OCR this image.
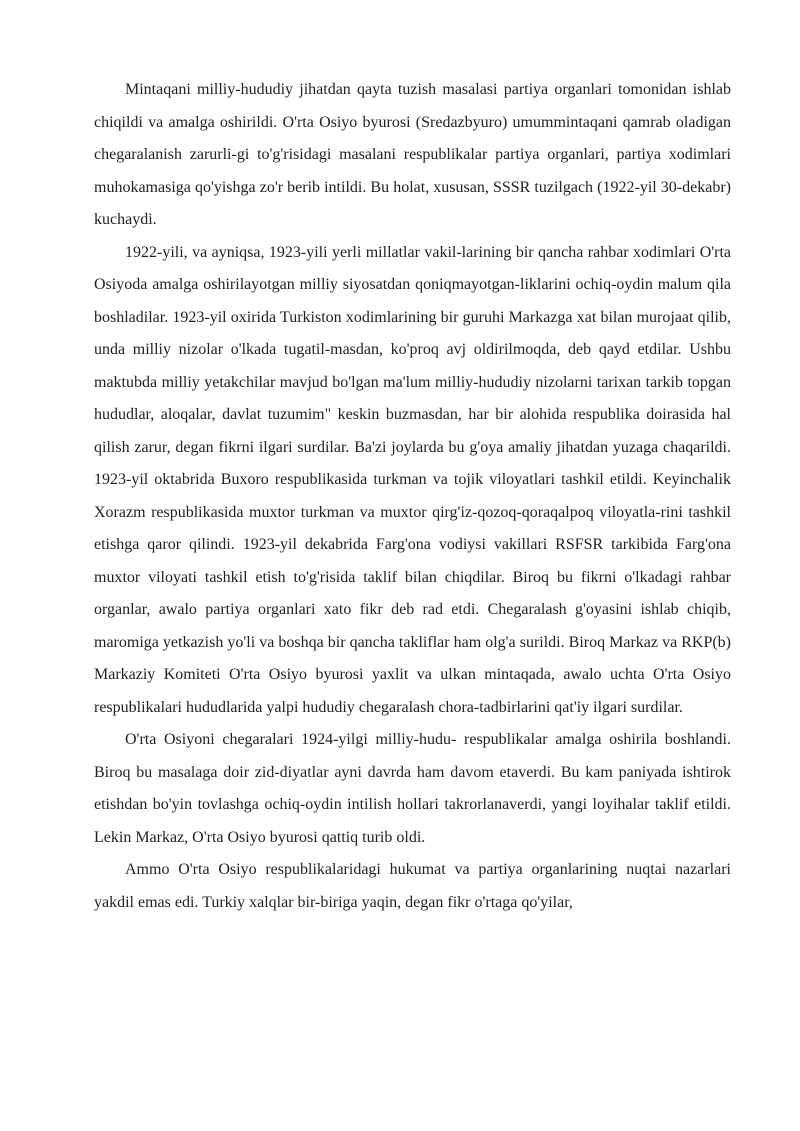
Mintaqani milliy-hududiy jihatdan qayta tuzish masalasi partiya organlari tomonidan ishlab chiqildi va amalga oshirildi. O'rta Osiyo byurosi (Sredazbyuro) umummintaqani qamrab oladigan chegaralanish zarurli-gi to'g'risidagi masalani respublikalar partiya organlari, partiya xodimlari muhokamasiga qo'yishga zo'r berib intildi. Bu holat, xususan, SSSR tuzilgach (1922-yil 30-dekabr) kuchaydi.

1922-yili, va ayniqsa, 1923-yili yerli millatlar vakil-larining bir qancha rahbar xodimlari O'rta Osiyoda amalga oshirilayotgan milliy siyosatdan qoniqmayotgan-liklarini ochiq-oydin malum qila boshladilar. 1923-yil oxirida Turkiston xodimlarining bir guruhi Markazga xat bilan murojaat qilib, unda milliy nizolar o'lkada tugatil-masdan, ko'proq avj oldirilmoqda, deb qayd etdilar. Ushbu maktubda milliy yetakchilar mavjud bo'lgan ma'lum milliy-hududiy nizolarni tarixan tarkib topgan hududlar, aloqalar, davlat tuzumim" keskin buzmasdan, har bir alohida respublika doirasida hal qilish zarur, degan fikrni ilgari surdilar. Ba'zi joylarda bu g'oya amaliy jihatdan yuzaga chaqarildi. 1923-yil oktabrida Buxoro respublikasida turkman va tojik viloyatlari tashkil etildi. Keyinchalik Xorazm respublikasida muxtor turkman va muxtor qirg'iz-qozoq-qoraqalpoq viloyatla-rini tashkil etishga qaror qilindi. 1923-yil dekabrida Farg'ona vodiysi vakillari RSFSR tarkibida Farg'ona muxtor viloyati tashkil etish to'g'risida taklif bilan chiqdilar. Biroq bu fikrni o'lkadagi rahbar organlar, awalo partiya organlari xato fikr deb rad etdi. Chegaralash g'oyasini ishlab chiqib, maromiga yetkazish yo'li va boshqa bir qancha takliflar ham olg'a surildi. Biroq Markaz va RKP(b) Markaziy Komiteti O'rta Osiyo byurosi yaxlit va ulkan mintaqada, awalo uchta O'rta Osiyo respublikalari hududlarida yalpi hududiy chegaralash chora-tadbirlarini qat'iy ilgari surdilar.

O'rta Osiyoni chegaralari 1924-yilgi milliy-hudu- respublikalar amalga oshirila boshlandi. Biroq bu masalaga doir zid-diyatlar ayni davrda ham davom etaverdi. Bu kam paniyada ishtirok etishdan bo'yin tovlashga ochiq-oydin intilish hollari takrorlanaverdi, yangi loyihalar taklif etildi. Lekin Markaz, O'rta Osiyo byurosi qattiq turib oldi.

Ammo O'rta Osiyo respublikalaridagi hukumat va partiya organlarining nuqtai nazarlari yakdil emas edi. Turkiy xalqlar bir-biriga yaqin, degan fikr o'rtaga qo'yilar,
